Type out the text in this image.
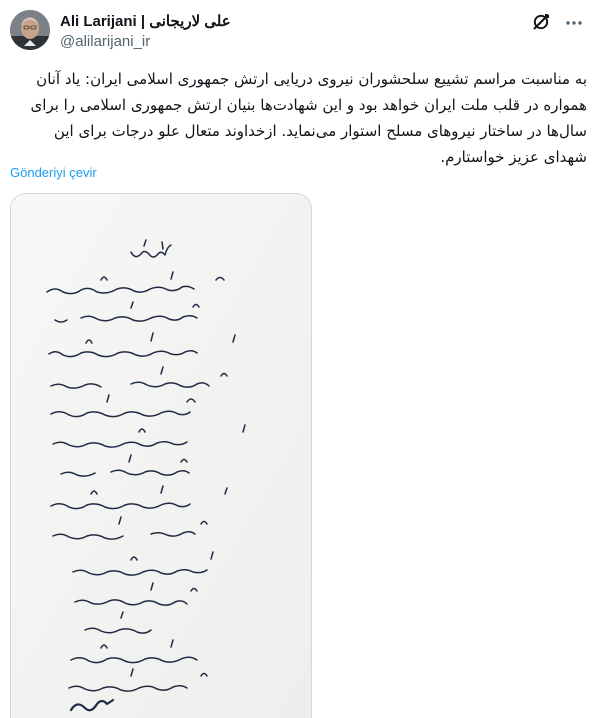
Ali Larijani | علی لاریجانی
@alilarijani_ir
به مناسبت مراسم تشییع سلحشوران نیروی دریایی ارتش جمهوری اسلامی ایران: یاد آنان همواره در قلب ملت ایران خواهد بود و این شهادت‌ها بنیان ارتش جمهوری اسلامی را برای سال‌ها در ساختار نیروهای مسلح استوار می‌نماید. ازخداوند متعال علو درجات برای این شهدای عزیز خواستارم.
Gönderiyi çevir
